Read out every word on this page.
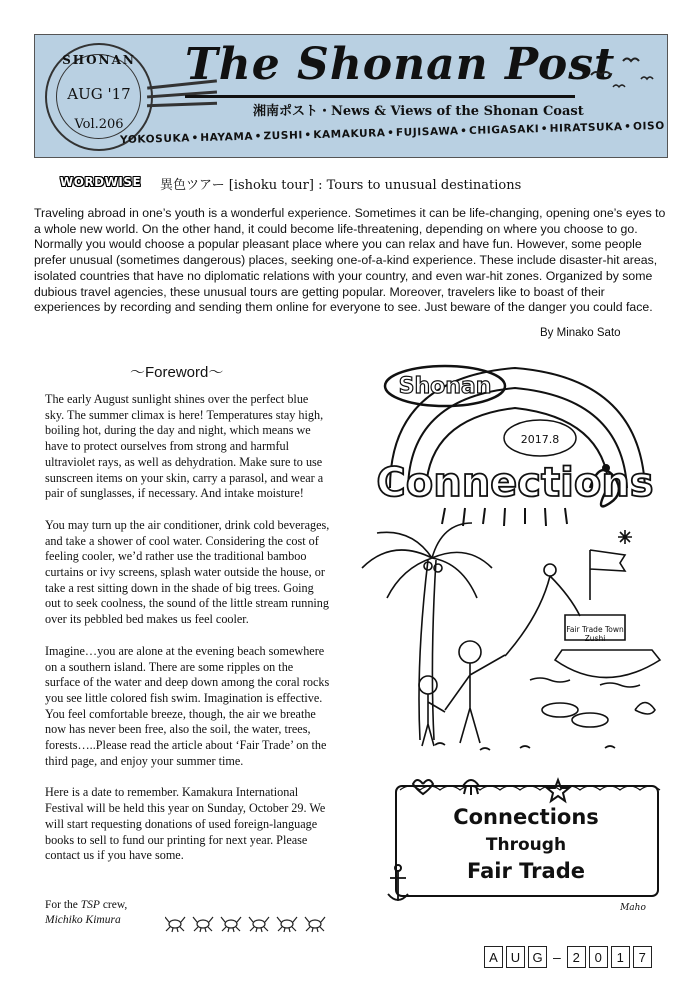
SHONAN
AUG '17
Vol.206
The Shonan Post
湘南ポスト・News & Views of the Shonan Coast
YOKOSUKA • HAYAMA • ZUSHI • KAMAKURA • FUJISAWA • CHIGASAKI • HIRATSUKA • OISO
WORDWISE 異色ツアー [ishoku tour] : Tours to unusual destinations
Traveling abroad in one’s youth is a wonderful experience. Sometimes it can be life-changing, opening one’s eyes to a whole new world. On the other hand, it could become life-threatening, depending on where you choose to go. Normally you would choose a popular pleasant place where you can relax and have fun. However, some people prefer unusual (sometimes dangerous) places, seeking one-of-a-kind experience. These include disaster-hit areas, isolated countries that have no diplomatic relations with your country, and even war-hit zones. Organized by some dubious travel agencies, these unusual tours are getting popular. Moreover, travelers like to boast of their experiences by recording and sending them online for everyone to see. Just beware of the danger you could face.
By Minako Sato
～Foreword～

The early August sunlight shines over the perfect blue sky. The summer climax is here! Temperatures stay high, boiling hot, during the day and night, which means we have to protect ourselves from strong and harmful ultraviolet rays, as well as dehydration. Make sure to use sunscreen items on your skin, carry a parasol, and wear a pair of sunglasses, if necessary. And intake moisture!

You may turn up the air conditioner, drink cold beverages, and take a shower of cool water. Considering the cost of feeling cooler, we’d rather use the traditional bamboo curtains or ivy screens, splash water outside the house, or take a rest sitting down in the shade of big trees. Going out to seek coolness, the sound of the little stream running over its pebbled bed makes us feel cooler.

Imagine…you are alone at the evening beach somewhere on a southern island. There are some ripples on the surface of the water and deep down among the coral rocks you see little colored fish swim. Imagination is effective. You feel comfortable breeze, though, the air we breathe now has never been free, also the soil, the water, trees, forests…..Please read the article about ‘Fair Trade’ on the third page, and enjoy your summer time.

Here is a date to remember. Kamakura International Festival will be held this year on Sunday, October 29. We will start requesting donations of used foreign-language books to sell to fund our printing for next year. Please contact us if you have some.

For the TSP crew,
Michiko Kimura
Shonan
2017.8
Connections
Fair Trade Town
Zushi
Connections
Through
Fair Trade
Maho
A U G – 2	0	1	7
